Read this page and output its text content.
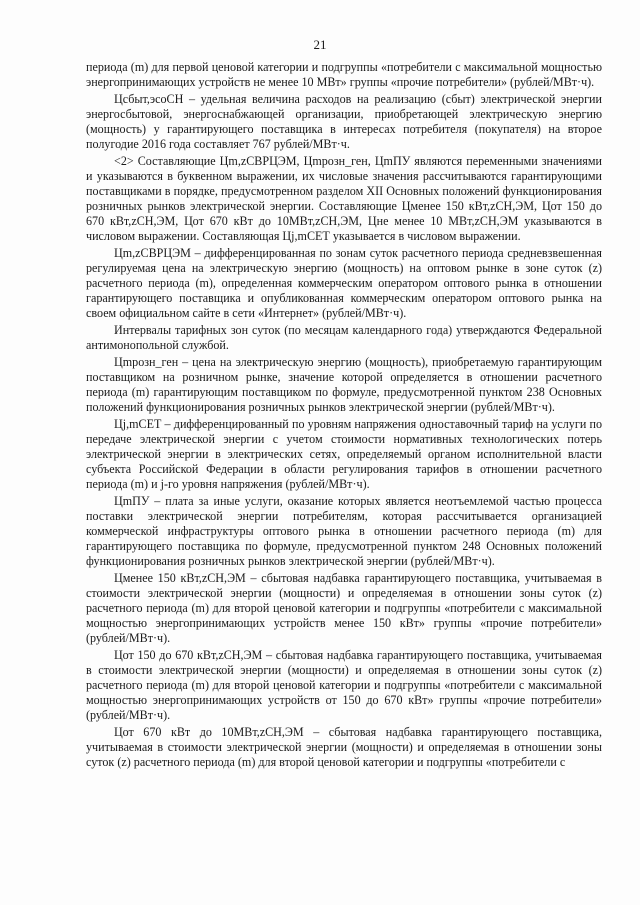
21

периода (m) для первой ценовой категории и подгруппы «потребители с максимальной мощностью энергопринимающих устройств не менее 10 МВт» группы «прочие потребители» (рублей/МВт·ч).

Цсбыт,эсоСН – удельная величина расходов на реализацию (сбыт) электрической энергии энергосбытовой, энергоснабжающей организации, приобретающей электрическую энергию (мощность) у гарантирующего поставщика в интересах потребителя (покупателя) на второе полугодие 2016 года составляет 767 рублей/МВт·ч.

<2> Составляющие Цm,zСВРЦЭМ, Цmрозн_ген, ЦmПУ являются переменными значениями и указываются в буквенном выражении, их числовые значения рассчитываются гарантирующими поставщиками в порядке, предусмотренном разделом XII Основных положений функционирования розничных рынков электрической энергии. Составляющие Цменее 150 кВт,zСН,ЭМ, Цот 150 до 670 кВт,zСН,ЭМ, Цот 670 кВт до 10МВт,zСН,ЭМ, Цне менее 10 МВт,zСН,ЭМ указываются в числовом выражении. Составляющая Цj,mСЕТ указывается в числовом выражении.

Цm,zСВРЦЭМ – дифференцированная по зонам суток расчетного периода средневзвешенная регулируемая цена на электрическую энергию (мощность) на оптовом рынке в зоне суток (z) расчетного периода (m), определенная коммерческим оператором оптового рынка в отношении гарантирующего поставщика и опубликованная коммерческим оператором оптового рынка на своем официальном сайте в сети «Интернет» (рублей/МВт·ч).

Интервалы тарифных зон суток (по месяцам календарного года) утверждаются Федеральной антимонопольной службой.

Цmрозн_ген – цена на электрическую энергию (мощность), приобретаемую гарантирующим поставщиком на розничном рынке, значение которой определяется в отношении расчетного периода (m) гарантирующим поставщиком по формуле, предусмотренной пунктом 238 Основных положений функционирования розничных рынков электрической энергии (рублей/МВт·ч).

Цj,mСЕТ – дифференцированный по уровням напряжения одноставочный тариф на услуги по передаче электрической энергии с учетом стоимости нормативных технологических потерь электрической энергии в электрических сетях, определяемый органом исполнительной власти субъекта Российской Федерации в области регулирования тарифов в отношении расчетного периода (m) и j-го уровня напряжения (рублей/МВт·ч).

ЦmПУ – плата за иные услуги, оказание которых является неотъемлемой частью процесса поставки электрической энергии потребителям, которая рассчитывается организацией коммерческой инфраструктуры оптового рынка в отношении расчетного периода (m) для гарантирующего поставщика по формуле, предусмотренной пунктом 248 Основных положений функционирования розничных рынков электрической энергии (рублей/МВт·ч).

Цменее 150 кВт,zСН,ЭМ – сбытовая надбавка гарантирующего поставщика, учитываемая в стоимости электрической энергии (мощности) и определяемая в отношении зоны суток (z) расчетного периода (m) для второй ценовой категории и подгруппы «потребители с максимальной мощностью энергопринимающих устройств менее 150 кВт» группы «прочие потребители» (рублей/МВт·ч).

Цот 150 до 670 кВт,zСН,ЭМ – сбытовая надбавка гарантирующего поставщика, учитываемая в стоимости электрической энергии (мощности) и определяемая в отношении зоны суток (z) расчетного периода (m) для второй ценовой категории и подгруппы «потребители с максимальной мощностью энергопринимающих устройств от 150 до 670 кВт» группы «прочие потребители» (рублей/МВт·ч).

Цот 670 кВт до 10МВт,zСН,ЭМ – сбытовая надбавка гарантирующего поставщика, учитываемая в стоимости электрической энергии (мощности) и определяемая в отношении зоны суток (z) расчетного периода (m) для второй ценовой категории и подгруппы «потребители с
